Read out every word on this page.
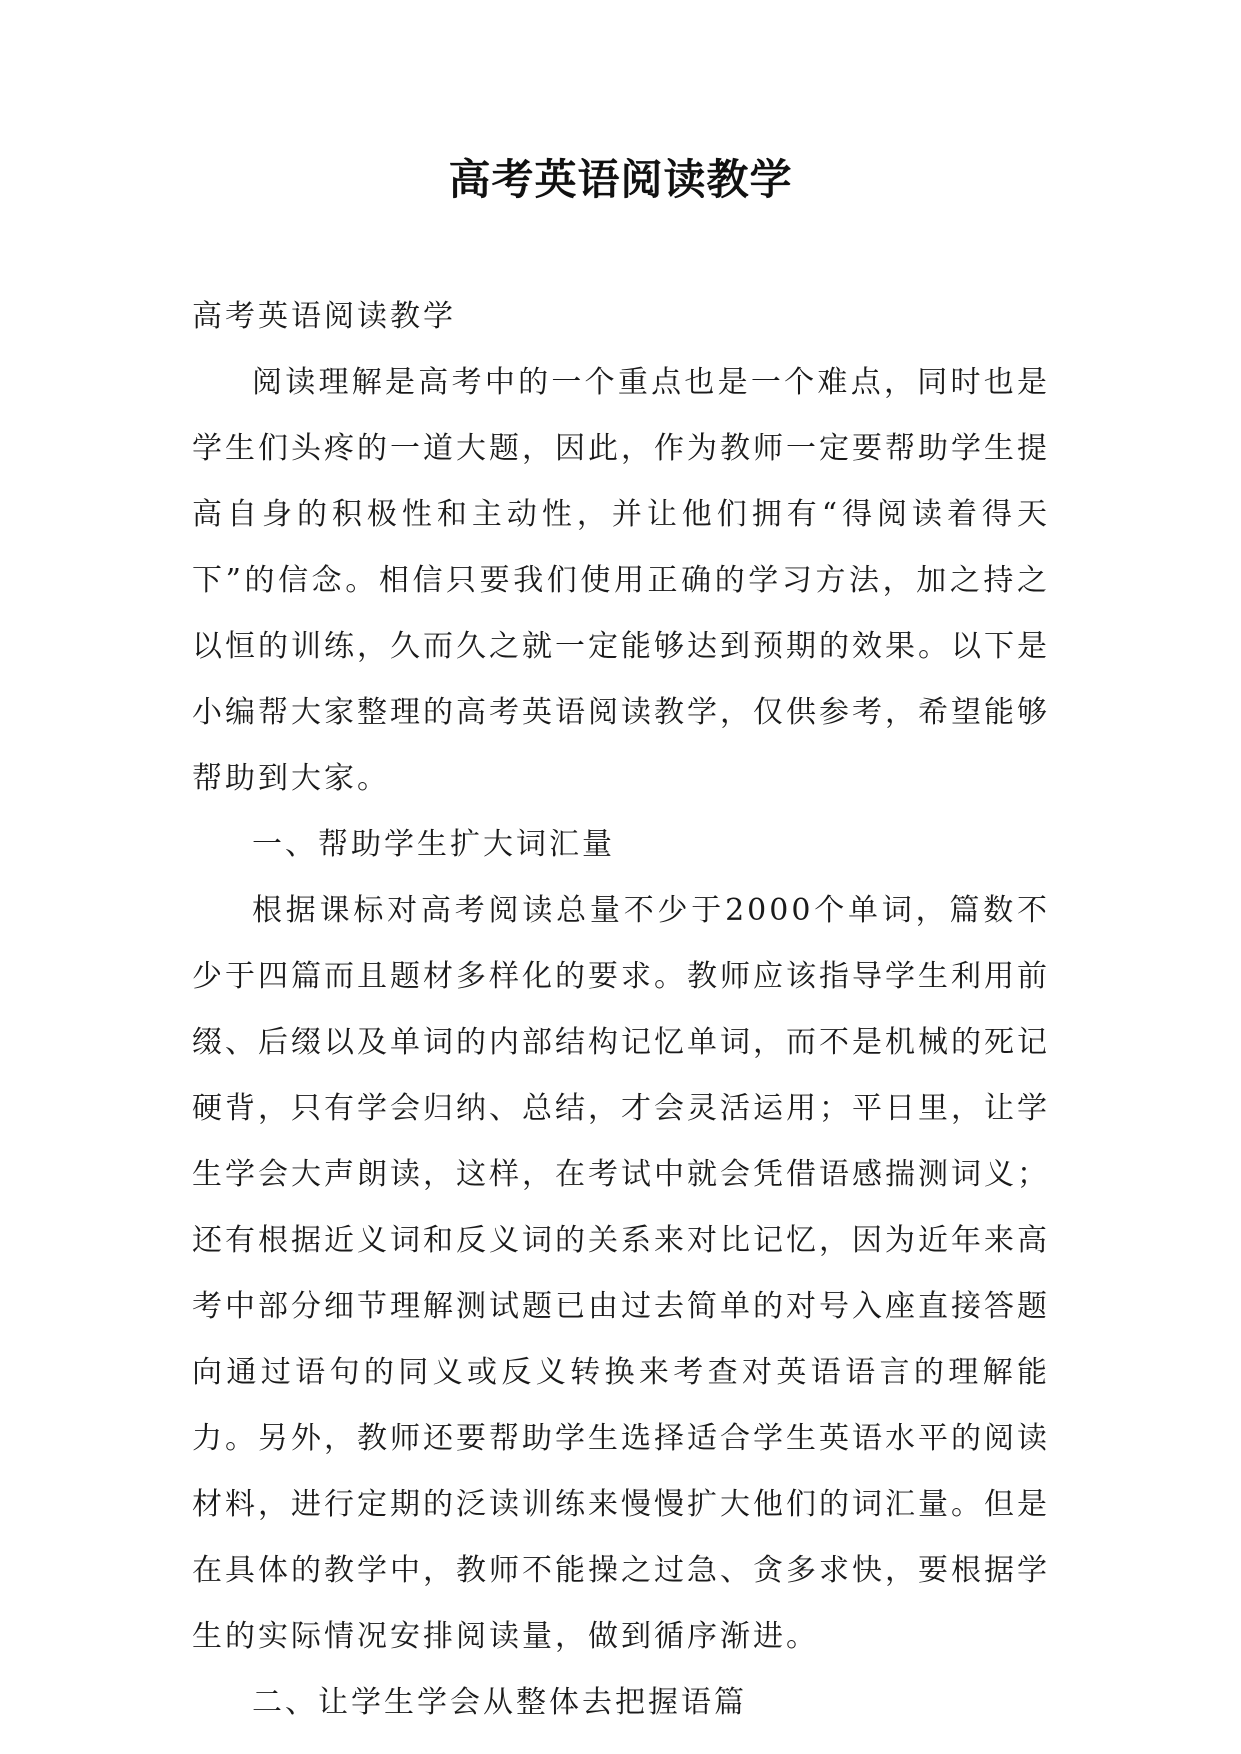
高考英语阅读教学

高考英语阅读教学

阅读理解是高考中的一个重点也是一个难点，同时也是学生们头疼的一道大题，因此，作为教师一定要帮助学生提高自身的积极性和主动性，并让他们拥有“得阅读着得天下”的信念。相信只要我们使用正确的学习方法，加之持之以恒的训练，久而久之就一定能够达到预期的效果。以下是小编帮大家整理的高考英语阅读教学，仅供参考，希望能够帮助到大家。

一、帮助学生扩大词汇量

根据课标对高考阅读总量不少于2000个单词，篇数不少于四篇而且题材多样化的要求。教师应该指导学生利用前缀、后缀以及单词的内部结构记忆单词，而不是机械的死记硬背，只有学会归纳、总结，才会灵活运用；平日里，让学生学会大声朗读，这样，在考试中就会凭借语感揣测词义；还有根据近义词和反义词的关系来对比记忆，因为近年来高考中部分细节理解测试题已由过去简单的对号入座直接答题向通过语句的同义或反义转换来考查对英语语言的理解能力。另外，教师还要帮助学生选择适合学生英语水平的阅读材料，进行定期的泛读训练来慢慢扩大他们的词汇量。但是在具体的教学中，教师不能操之过急、贪多求快，要根据学生的实际情况安排阅读量，做到循序渐进。

二、让学生学会从整体去把握语篇
